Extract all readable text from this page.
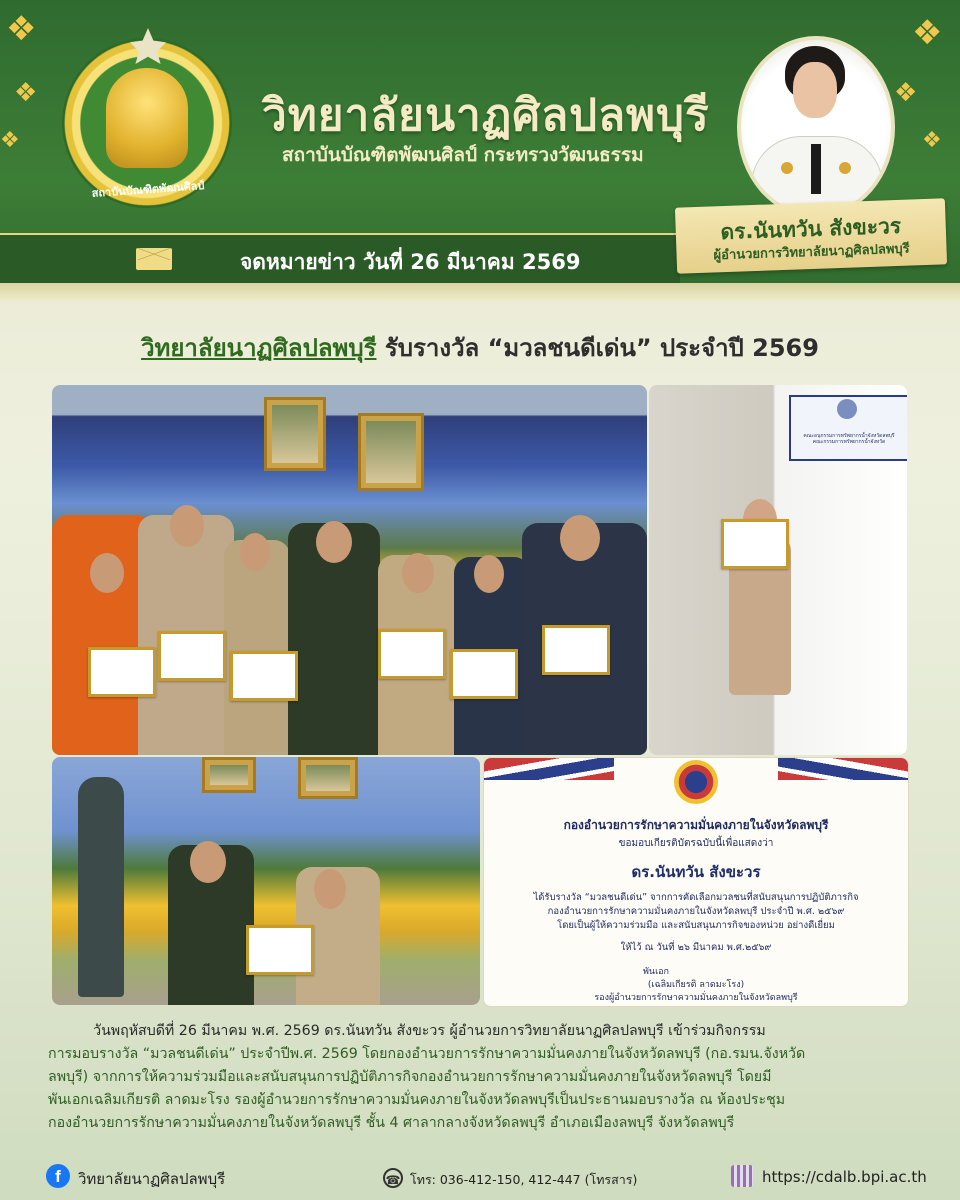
❖
❖
❖
❖
❖
❖
สถาบันบัณฑิตพัฒนศิลป์
วิทยาลัยนาฏศิลปลพบุรี
สถาบันบัณฑิตพัฒนศิลป์ กระทรวงวัฒนธรรม
จดหมายข่าว วันที่ 26 มีนาคม 2569
ดร.นันทวัน สังขะวร
ผู้อำนวยการวิทยาลัยนาฏศิลปลพบุรี
วิทยาลัยนาฏศิลปลพบุรี รับรางวัล “มวลชนดีเด่น” ประจำปี 2569
คณะอนุกรรมการทรัพยากรน้ำจังหวัดลพบุรี
คณะกรรมการทรัพยากรน้ำจังหวัด
กองอำนวยการรักษาความมั่นคงภายในจังหวัดลพบุรี
ขอมอบเกียรติบัตรฉบับนี้เพื่อแสดงว่า
ดร.นันทวัน สังขะวร
ได้รับรางวัล “มวลชนดีเด่น” จากการคัดเลือกมวลชนที่สนับสนุนการปฏิบัติภารกิจ
กองอำนวยการรักษาความมั่นคงภายในจังหวัดลพบุรี ประจำปี พ.ศ. ๒๕๖๙
โดยเป็นผู้ให้ความร่วมมือ และสนับสนุนภารกิจของหน่วย อย่างดีเยี่ยม
ให้ไว้ ณ วันที่ ๒๖ มีนาคม พ.ศ.๒๕๖๙
พันเอก
(เฉลิมเกียรติ ลาดมะโรง)
รองผู้อำนวยการรักษาความมั่นคงภายในจังหวัดลพบุรี
วันพฤหัสบดีที่ 26 มีนาคม พ.ศ. 2569 ดร.นันทวัน สังขะวร ผู้อำนวยการวิทยาลัยนาฏศิลปลพบุรี เข้าร่วมกิจกรรม
การมอบรางวัล “มวลชนดีเด่น” ประจำปีพ.ศ. 2569 โดยกองอำนวยการรักษาความมั่นคงภายในจังหวัดลพบุรี (กอ.รมน.จังหวัด
ลพบุรี) จากการให้ความร่วมมือและสนับสนุนการปฏิบัติภารกิจกองอำนวยการรักษาความมั่นคงภายในจังหวัดลพบุรี โดยมี
พันเอกเฉลิมเกียรติ ลาดมะโรง รองผู้อำนวยการรักษาความมั่นคงภายในจังหวัดลพบุรีเป็นประธานมอบรางวัล ณ ห้องประชุม
กองอำนวยการรักษาความมั่นคงภายในจังหวัดลพบุรี ชั้น 4 ศาลากลางจังหวัดลพบุรี อำเภอเมืองลพบุรี จังหวัดลพบุรี
f	วิทยาลัยนาฏศิลปลพบุรี	☎ โทร: 036-412-150, 412-447 (โทรสาร)	https://cdalb.bpi.ac.th
